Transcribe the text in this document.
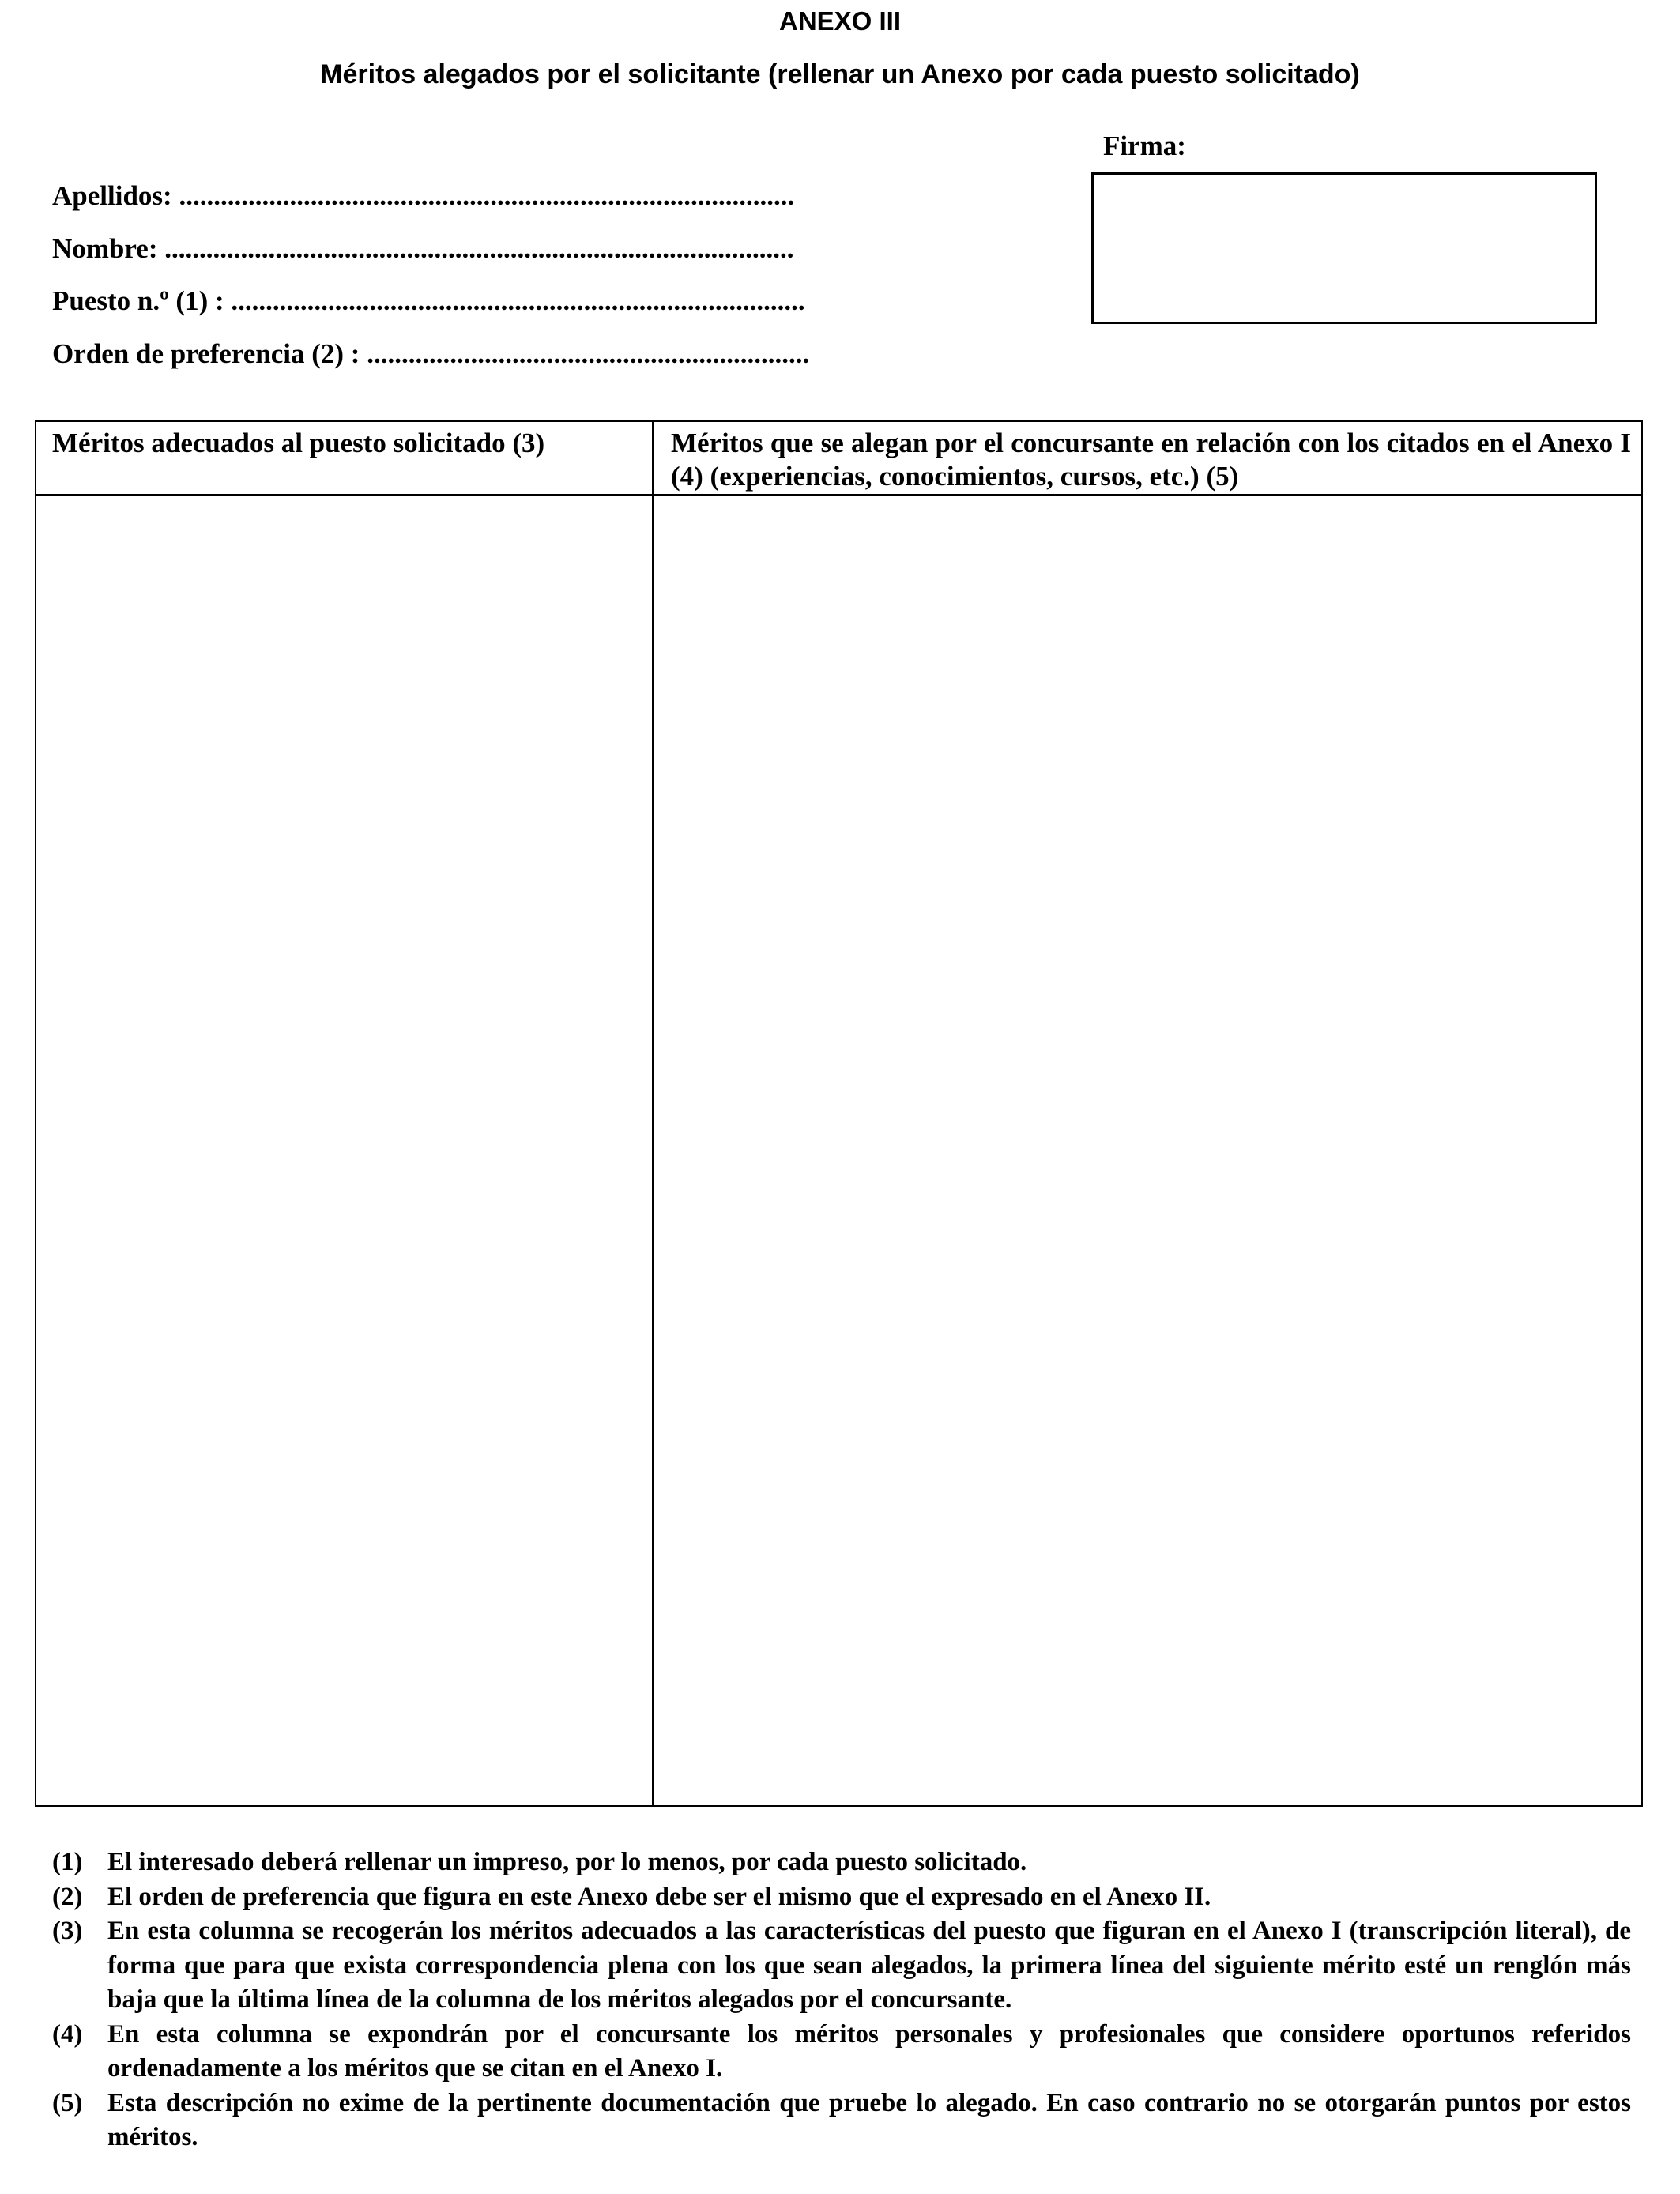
ANEXO III
Méritos alegados por el solicitante (rellenar un Anexo por cada puesto solicitado)
Apellidos: .........................................................................................
Nombre: ...........................................................................................
Puesto n.º (1) : ...................................................................................
Orden de preferencia (2) : ................................................................
Firma:
Méritos adecuados al puesto solicitado (3)	Méritos que se alegan por el concursante en relación con los citados en el Anexo I (4) (experiencias, conocimientos, cursos, etc.) (5)
(1) El interesado deberá rellenar un impreso, por lo menos, por cada puesto solicitado.
(2) El orden de preferencia que figura en este Anexo debe ser el mismo que el expresado en el Anexo II.
(3) En esta columna se recogerán los méritos adecuados a las características del puesto que figuran en el Anexo I (transcripción literal), de forma que para que exista correspondencia plena con los que sean alegados, la primera línea del siguiente mérito esté un renglón más baja que la última línea de la columna de los méritos alegados por el concursante.
(4) En esta columna se expondrán por el concursante los méritos personales y profesionales que considere oportunos referidos ordenadamente a los méritos que se citan en el Anexo I.
(5) Esta descripción no exime de la pertinente documentación que pruebe lo alegado. En caso contrario no se otorgarán puntos por estos méritos.
